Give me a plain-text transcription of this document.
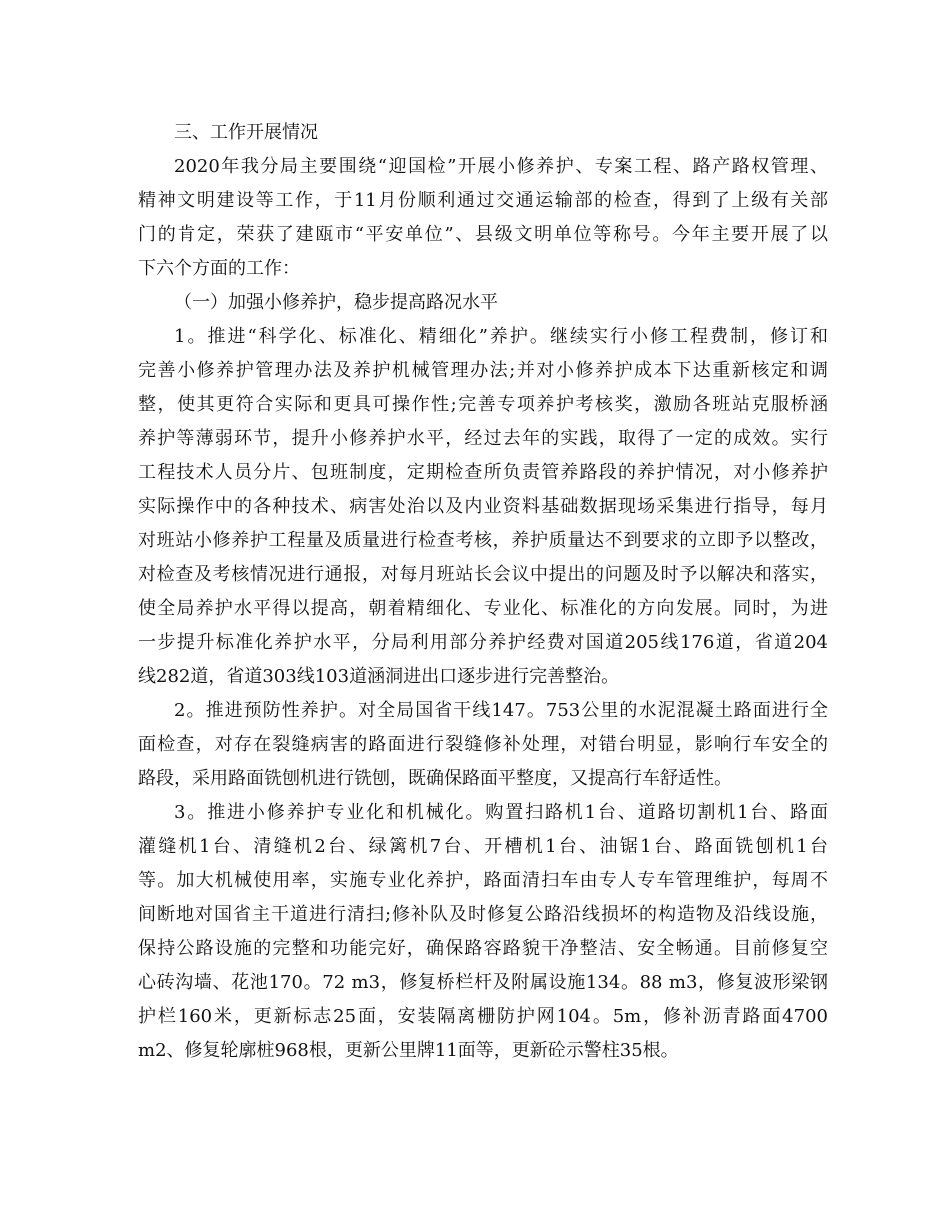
三、工作开展情况
2020年我分局主要围绕“迎国检”开展小修养护、专案工程、路产路权管理、
精神文明建设等工作，于11月份顺利通过交通运输部的检查，得到了上级有关部
门的肯定，荣获了建瓯市“平安单位”、县级文明单位等称号。今年主要开展了以
下六个方面的工作：
（一）加强小修养护，稳步提高路况水平
1。推进“科学化、标准化、精细化”养护。继续实行小修工程费制，修订和
完善小修养护管理办法及养护机械管理办法;并对小修养护成本下达重新核定和调
整，使其更符合实际和更具可操作性;完善专项养护考核奖，激励各班站克服桥涵
养护等薄弱环节，提升小修养护水平，经过去年的实践，取得了一定的成效。实行
工程技术人员分片、包班制度，定期检查所负责管养路段的养护情况，对小修养护
实际操作中的各种技术、病害处治以及内业资料基础数据现场采集进行指导，每月
对班站小修养护工程量及质量进行检查考核，养护质量达不到要求的立即予以整改，
对检查及考核情况进行通报，对每月班站长会议中提出的问题及时予以解决和落实，
使全局养护水平得以提高，朝着精细化、专业化、标准化的方向发展。同时，为进
一步提升标准化养护水平，分局利用部分养护经费对国道205线176道，省道204
线282道，省道303线103道涵洞进出口逐步进行完善整治。
2。推进预防性养护。对全局国省干线147。753公里的水泥混凝土路面进行全
面检查，对存在裂缝病害的路面进行裂缝修补处理，对错台明显，影响行车安全的
路段，采用路面铣刨机进行铣刨，既确保路面平整度，又提高行车舒适性。
3。推进小修养护专业化和机械化。购置扫路机1台、道路切割机1台、路面
灌缝机1台、清缝机2台、绿篱机7台、开槽机1台、油锯1台、路面铣刨机1台
等。加大机械使用率，实施专业化养护，路面清扫车由专人专车管理维护，每周不
间断地对国省主干道进行清扫;修补队及时修复公路沿线损坏的构造物及沿线设施，
保持公路设施的完整和功能完好，确保路容路貌干净整洁、安全畅通。目前修复空
心砖沟墙、花池170。72 m3，修复桥栏杆及附属设施134。88 m3，修复波形梁钢
护栏160米，更新标志25面，安装隔离栅防护网104。5m，修补沥青路面4700
m2、修复轮廓桩968根，更新公里牌11面等，更新砼示警柱35根。
